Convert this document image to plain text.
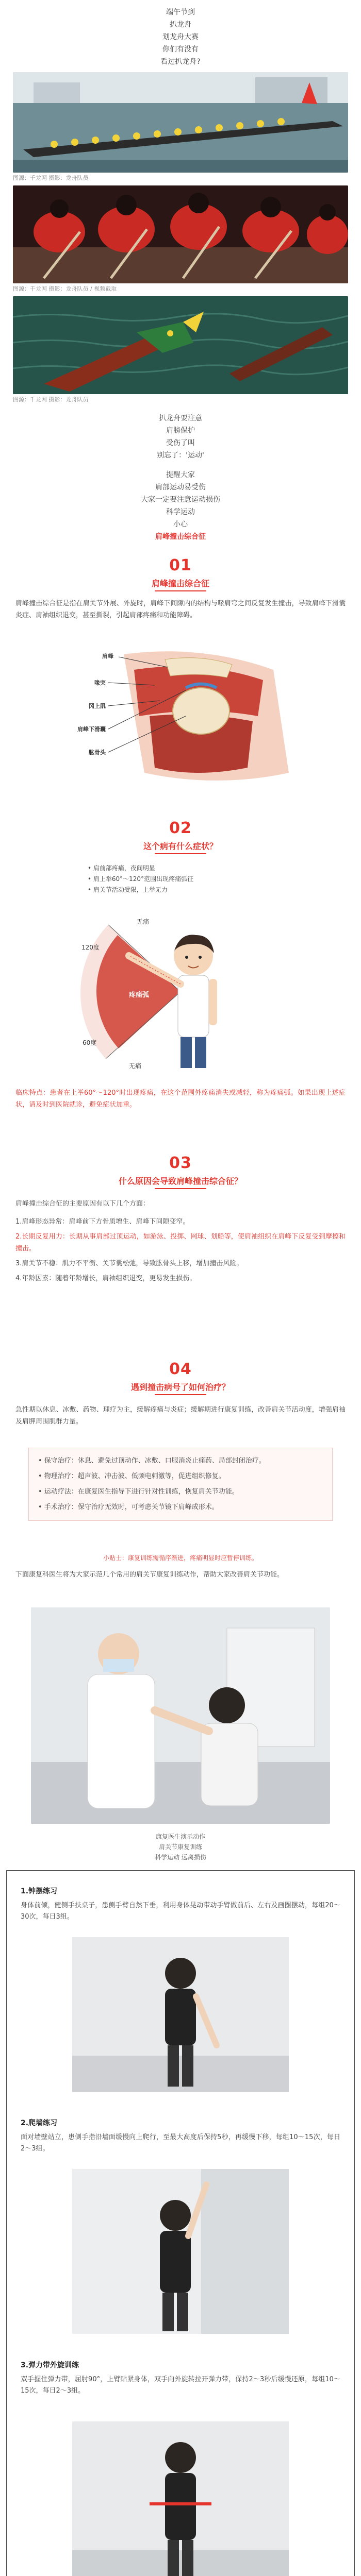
端午节到
扒龙舟
划龙舟大赛
你们有没有
看过扒龙舟?
图源：千龙网 摄影：龙舟队员
图源：千龙网 摄影：龙舟队员 / 视频截取
图源：千龙网 摄影：龙舟队员
扒龙舟要注意
肩膀保护
受伤了叫
别忘了：'运动'
提醒大家
肩部运动易受伤
大家一定要注意运动损伤
科学运动
小心
肩峰撞击综合征
01
肩峰撞击综合征
肩峰撞击综合征是指在肩关节外展、外旋时，肩峰下间隙内的结构与喙肩穹之间反复发生撞击，导致肩峰下滑囊炎症、肩袖组织退变，甚至撕裂，引起肩部疼痛和功能障碍。
肩峰
喙突
冈上肌
肩峰下滑囊
肱骨头
02
这个病有什么症状？
• 肩前部疼痛，夜间明显
• 肩上举60°～120°范围出现疼痛弧征
• 肩关节活动受限，上举无力
120度
60度
疼痛弧
无痛
无痛
临床特点：患者在上举60°～120°时出现疼痛，在这个范围外疼痛消失或减轻，称为疼痛弧。如果出现上述症状，请及时到医院就诊，避免症状加重。
03
什么原因会导致肩峰撞击综合征？
肩峰撞击综合征的主要原因有以下几个方面：
1.肩峰形态异常：肩峰前下方骨质增生、肩峰下间隙变窄。
2.长期反复用力：长期从事肩部过顶运动，如游泳、投掷、网球、划船等，使肩袖组织在肩峰下反复受到摩擦和撞击。
3.肩关节不稳：肌力不平衡、关节囊松弛，导致肱骨头上移，增加撞击风险。
4.年龄因素：随着年龄增长，肩袖组织退变，更易发生损伤。
04
遇到撞击病号了如何治疗？
急性期以休息、冰敷、药物、理疗为主，缓解疼痛与炎症；缓解期进行康复训练，改善肩关节活动度，增强肩袖及肩胛周围肌群力量。

• 保守治疗：休息、避免过顶动作、冰敷、口服消炎止痛药、局部封闭治疗。

• 物理治疗：超声波、冲击波、低频电刺激等，促进组织修复。

• 运动疗法：在康复医生指导下进行针对性训练，恢复肩关节功能。

• 手术治疗：保守治疗无效时，可考虑关节镜下肩峰成形术。

小贴士：康复训练需循序渐进，疼痛明显时应暂停训练。
下面康复科医生将为大家示范几个常用的肩关节康复训练动作，帮助大家改善肩关节功能。
康复医生演示动作
肩关节康复训练
科学运动 远离损伤
1.钟摆练习
身体前倾，健侧手扶桌子，患侧手臂自然下垂，利用身体晃动带动手臂做前后、左右及画圈摆动，每组20～30次，每日3组。
2.爬墙练习
面对墙壁站立，患侧手指沿墙面缓慢向上爬行，至最大高度后保持5秒，再缓慢下移，每组10～15次，每日2～3组。
3.弹力带外旋训练
双手握住弹力带，屈肘90°，上臂贴紧身体，双手向外旋转拉开弹力带，保持2～3秒后缓慢还原，每组10～15次，每日2～3组。
